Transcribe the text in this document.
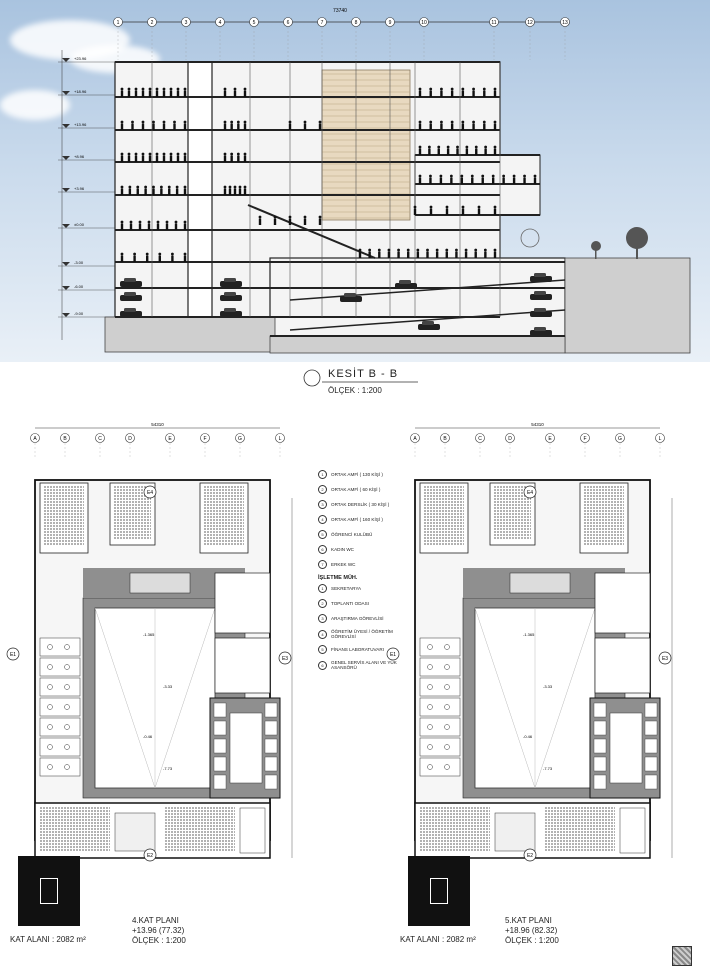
73740
1	2	3	4	5	6	7	8	9	10	11	12	13
+23.96
+18.96
+13.96
+8.96
+3.96
±0.00
-3.00
-6.00
-9.00
KESİT B - B
ÖLÇEK : 1:200
54310
A	B	C	D	E	F	G	L
-1.365
-3.33
-0.46
-7.73
E1
E2
E3
E4
54310
A	B	C	D	E	F	G	L
-1.365
-3.33
-0.46
-7.73
E1
E2
E3
E4
1	ORTAK AMFİ ( 130 KİŞİ )
2	ORTAK AMFİ ( 60 KİŞİ )
3	ORTAK DERSLİK ( 30 KİŞİ )
4	ORTAK AMFİ ( 160 KİŞİ )
5	ÖĞRENCİ KULÜBÜ
6	KADIN WC
7	ERKEK WC
İŞLETME MÜH.
1	SEKRETARYA
2	TOPLANTI ODASI
3	ARAŞTIRMA GÖREVLİSİ
4	ÖĞRETİM ÜYESİ / ÖĞRETİM GÖREVLİSİ
5	FİNANS LABORATUVARI
6	GENEL SERVİS ALANI VE YÜK ASANSÖRÜ
KAT ALANI : 2082 m²
4.KAT PLANI
+13.96 (77.32)
ÖLÇEK : 1:200	KAT ALANI : 2082 m²
5.KAT PLANI
+18.96 (82.32)
ÖLÇEK : 1:200
